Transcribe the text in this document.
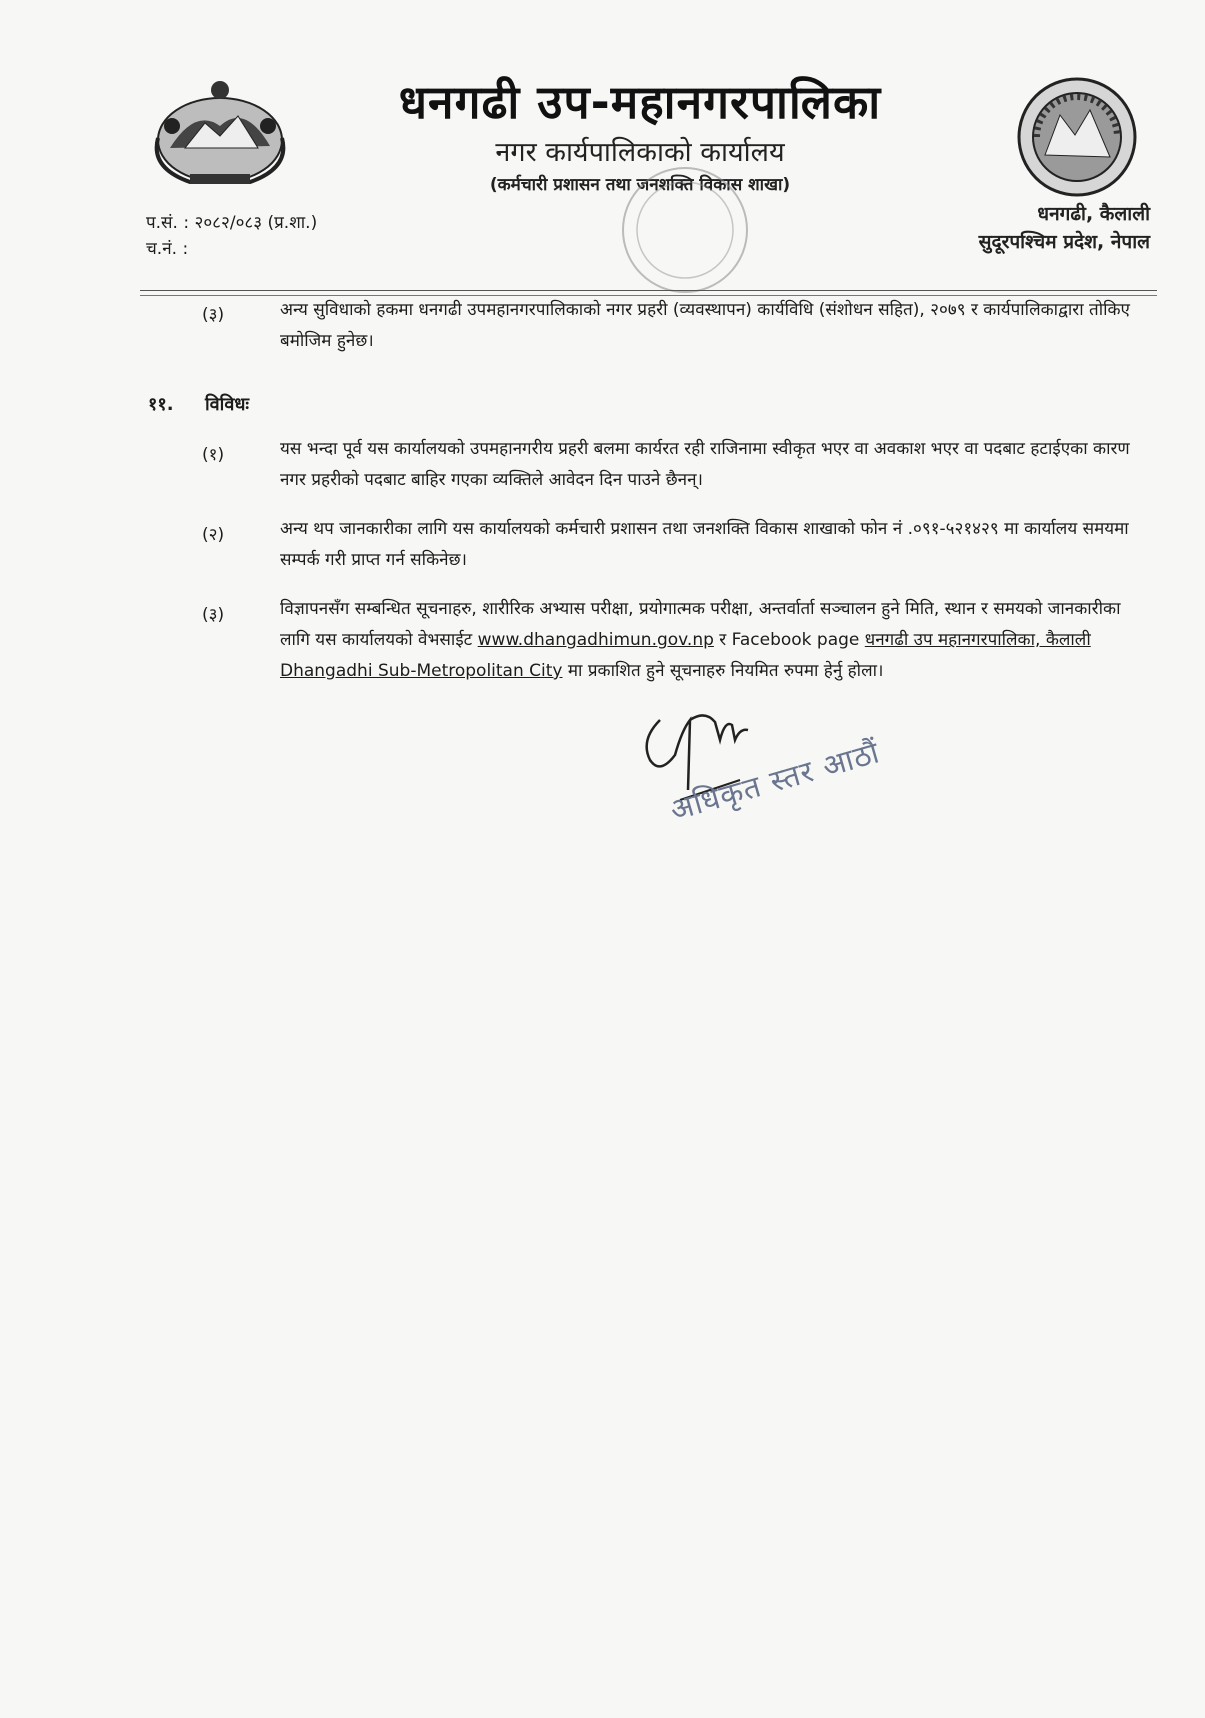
धनगढी उप-महानगरपालिका
नगर कार्यपालिकाको कार्यालय
(कर्मचारी प्रशासन तथा जनशक्ति विकास शाखा)
प.सं. : २०८२/०८३ (प्र.शा.)
च.नं. :
धनगढी, कैलाली
सुदूरपश्चिम प्रदेश, नेपाल
(३)	अन्य सुविधाको हकमा धनगढी उपमहानगरपालिकाको नगर प्रहरी (व्यवस्थापन) कार्यविधि (संशोधन सहित), २०७९ र कार्यपालिकाद्वारा तोकिए बमोजिम हुनेछ।
११. विविधः
(१)	यस भन्दा पूर्व यस कार्यालयको उपमहानगरीय प्रहरी बलमा कार्यरत रही राजिनामा स्वीकृत भएर वा अवकाश भएर वा पदबाट हटाईएका कारण नगर प्रहरीको पदबाट बाहिर गएका व्यक्तिले आवेदन दिन पाउने छैनन्।
(२)	अन्य थप जानकारीका लागि यस कार्यालयको कर्मचारी प्रशासन तथा जनशक्ति विकास शाखाको फोन नं .०९१-५२१४२९ मा कार्यालय समयमा सम्पर्क गरी प्राप्त गर्न सकिनेछ।
(३)	विज्ञापनसँग सम्बन्धित सूचनाहरु, शारीरिक अभ्यास परीक्षा, प्रयोगात्मक परीक्षा, अन्तर्वार्ता सञ्चालन हुने मिति, स्थान र समयको जानकारीका लागि यस कार्यालयको वेभसाईट www.dhangadhimun.gov.np र Facebook page धनगढी उप महानगरपालिका, कैलाली Dhangadhi Sub-Metropolitan City मा प्रकाशित हुने सूचनाहरु नियमित रुपमा हेर्नु होला।
अधिकृत स्तर आठौं
